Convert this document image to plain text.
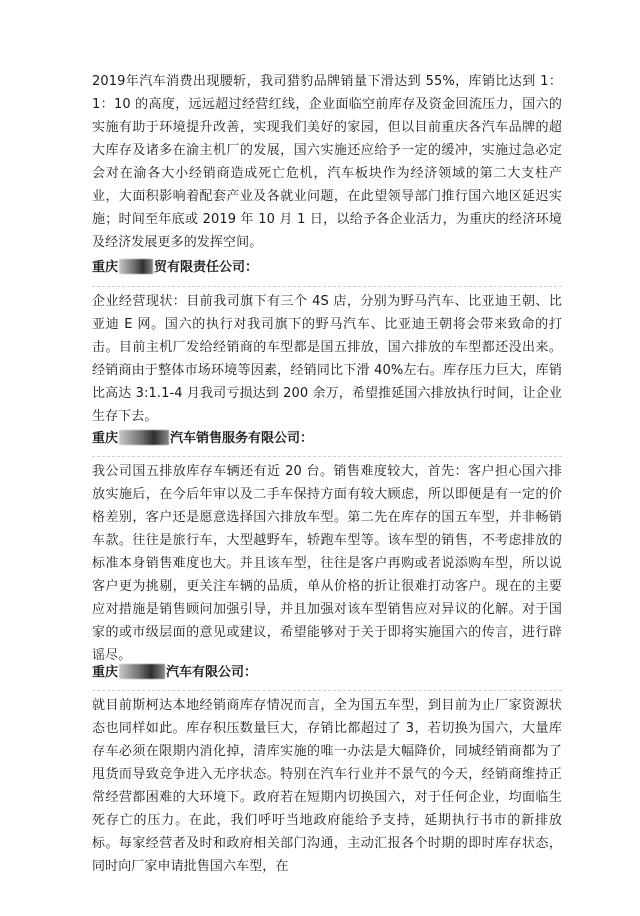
2019年汽车消费出现腰斩，我司猎豹品牌销量下滑达到 55%，库销比达到 1：1：10 的高度，远远超过经营红线，企业面临空前库存及资金回流压力，国六的实施有助于环境提升改善，实现我们美好的家园，但以目前重庆各汽车品牌的超大库存及诸多在渝主机厂的发展，国六实施还应给予一定的缓冲，实施过急必定会对在渝各大小经销商造成死亡危机，汽车板块作为经济领域的第二大支柱产业，大面积影响着配套产业及各就业问题，在此望领导部门推行国六地区延迟实施；时间至年底或 2019 年 10 月 1 日，以给予各企业活力，为重庆的经济环境及经济发展更多的发挥空间。

重庆	贸有限责任公司：

企业经营现状：目前我司旗下有三个 4S 店，分别为野马汽车、比亚迪王朝、比亚迪 E 网。国六的执行对我司旗下的野马汽车、比亚迪王朝将会带来致命的打击。目前主机厂发给经销商的车型都是国五排放，国六排放的车型都还没出来。经销商由于整体市场环境等因素，经销同比下滑 40%左右。库存压力巨大，库销比高达 3:1.1-4 月我司亏损达到 200 余万，希望推延国六排放执行时间，让企业生存下去。

重庆	汽车销售服务有限公司：

我公司国五排放库存车辆还有近 20 台。销售难度较大，首先：客户担心国六排放实施后，在今后年审以及二手车保持方面有较大顾虑，所以即便是有一定的价格差别，客户还是愿意选择国六排放车型。第二先在库存的国五车型，并非畅销车款。往往是旅行车，大型越野车，轿跑车型等。该车型的销售，不考虑排放的标准本身销售难度也大。并且该车型，往往是客户再购或者说添购车型，所以说客户更为挑剔，更关注车辆的品质，单从价格的折让很难打动客户。现在的主要应对措施是销售顾问加强引导，并且加强对该车型销售应对异议的化解。对于国家的或市级层面的意见或建议，希望能够对于关于即将实施国六的传言，进行辟谣尽。

重庆	汽车有限公司：

就目前斯柯达本地经销商库存情况而言，全为国五车型，到目前为止厂家资源状态也同样如此。库存积压数量巨大，存销比都超过了 3，若切换为国六，大量库存车必须在限期内消化掉，清库实施的唯一办法是大幅降价，同城经销商都为了甩货而导致竞争进入无序状态。特别在汽车行业并不景气的今天，经销商维持正常经营都困难的大环境下。政府若在短期内切换国六，对于任何企业，均面临生死存亡的压力。在此，我们呼吁当地政府能给予支持，延期执行书市的新排放标。每家经营者及时和政府相关部门沟通，主动汇报各个时期的即时库存状态，同时向厂家申请批售国六车型，在
